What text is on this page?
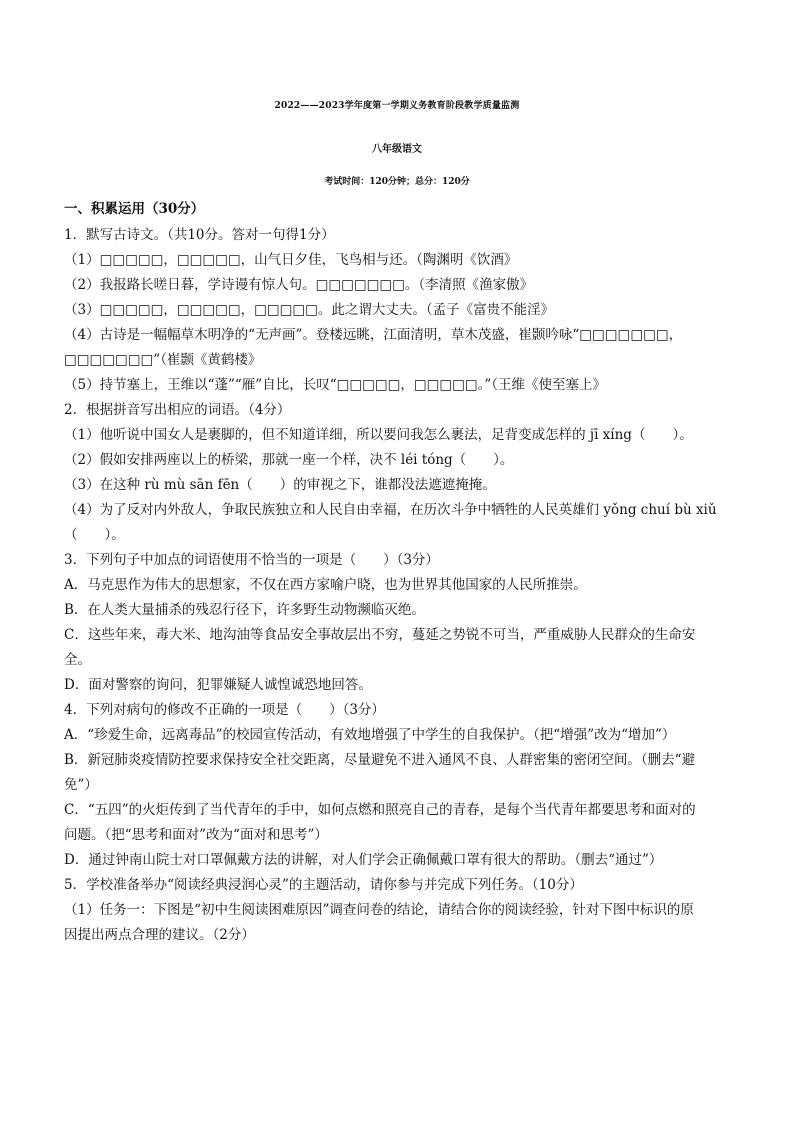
2022——2023学年度第一学期义务教育阶段教学质量监测
八年级语文
考试时间：120分钟；总分：120分
一、积累运用（30分）
1．默写古诗文。（共10分。答对一句得1分）
（1）□□□□□，□□□□□，山气日夕佳，飞鸟相与还。（陶渊明《饮酒》
（2）我报路长嗟日暮，学诗谩有惊人句。□□□□□□□。（李清照《渔家傲》
（3）□□□□□，□□□□□，□□□□□。此之谓大丈夫。（孟子《富贵不能淫》
（4）古诗是一幅幅草木明净的“无声画”。登楼远眺，江面清明，草木茂盛，崔颢吟咏“□□□□□□□，
□□□□□□□”（崔颢《黄鹤楼》
（5）持节塞上，王维以“蓬”“雁”自比，长叹“□□□□□，□□□□□。”（王维《使至塞上》
2．根据拼音写出相应的词语。（4分）
（1）他听说中国女人是裹脚的，但不知道详细，所以要问我怎么裹法，足背变成怎样的 jī xíng（　　）。
（2）假如安排两座以上的桥梁，那就一座一个样，决不 léi tóng（　　）。
（3）在这种 rù mù sān fēn（　　）的审视之下，谁都没法遮遮掩掩。
（4）为了反对内外敌人，争取民族独立和人民自由幸福，在历次斗争中牺牲的人民英雄们 yǒng chuí bù xiǔ
（　　）。
3．下列句子中加点的词语使用不恰当的一项是（　　）（3分）
A．马克思作为伟大的思想家，不仅在西方家喻户晓，也为世界其他国家的人民所推崇。
B．在人类大量捕杀的残忍行径下，许多野生动物濒临灭绝。
C．这些年来，毒大米、地沟油等食品安全事故层出不穷，蔓延之势锐不可当，严重威胁人民群众的生命安
全。
D．面对警察的询问，犯罪嫌疑人诚惶诚恐地回答。
4．下列对病句的修改不正确的一项是（　　）（3分）
A．“珍爱生命，远离毒品”的校园宣传活动，有效地增强了中学生的自我保护。（把“增强”改为“增加”）
B．新冠肺炎疫情防控要求保持安全社交距离，尽量避免不进入通风不良、人群密集的密闭空间。（删去“避
免”）
C．“五四”的火炬传到了当代青年的手中，如何点燃和照亮自己的青春，是每个当代青年都要思考和面对的
问题。（把“思考和面对”改为“面对和思考”）
D．通过钟南山院士对口罩佩戴方法的讲解，对人们学会正确佩戴口罩有很大的帮助。（删去“通过”）
5．学校准备举办“阅读经典浸润心灵”的主题活动，请你参与并完成下列任务。（10分）
（1）任务一：下图是“初中生阅读困难原因”调查问卷的结论，请结合你的阅读经验，针对下图中标识的原
因提出两点合理的建议。（2分）
